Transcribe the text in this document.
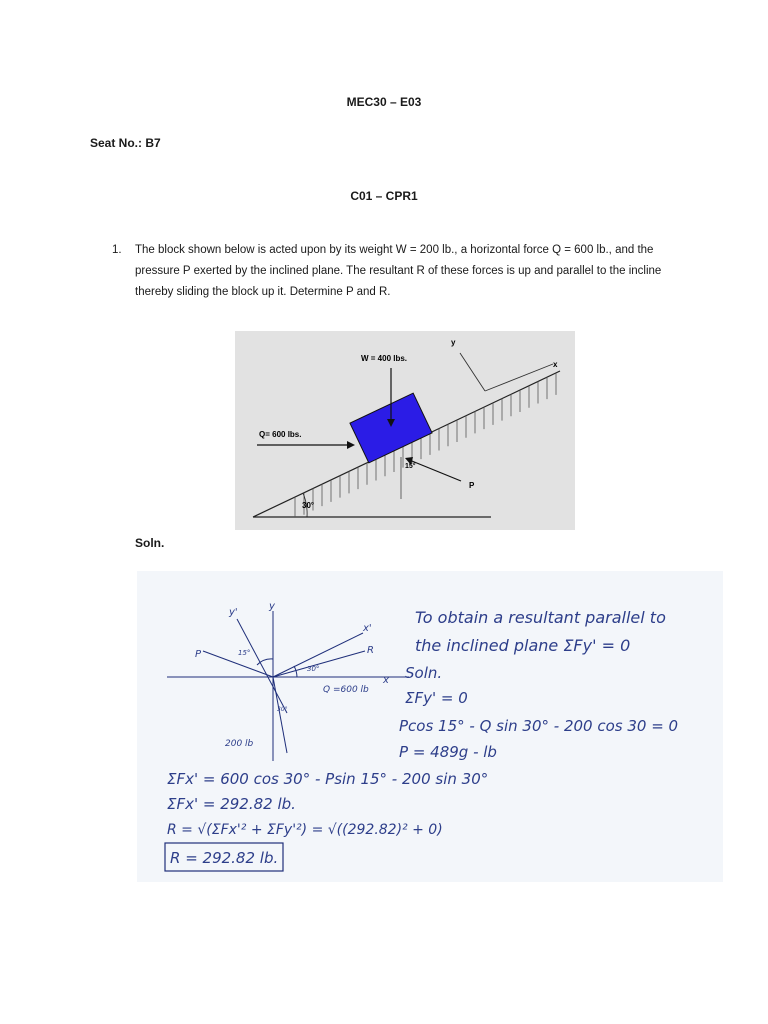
MEC30 – E03
Seat No.: B7
C01 – CPR1
1. The block shown below is acted upon by its weight W = 200 lb., a horizontal force Q = 600 lb., and the pressure P exerted by the inclined plane. The resultant R of these forces is up and parallel to the incline thereby sliding the block up it. Determine P and R.
30°
W = 400 lbs.
Q= 600 lbs.
P
15°
y
x
Soln.
y'
y
x'
x
P	R
15°
30°
30°
Q =600 lb
200 lb
To obtain a resultant parallel to
the inclined plane ΣFy' = 0
Soln.
ΣFy' = 0
Pcos 15° - Q sin 30° - 200 cos 30 = 0
P = 489g - lb
ΣFx' = 600 cos 30° - Psin 15° - 200 sin 30°
ΣFx' = 292.82 lb.
R = √(ΣFx'² + ΣFy'²) = √((292.82)² + 0)
R = 292.82 lb.
